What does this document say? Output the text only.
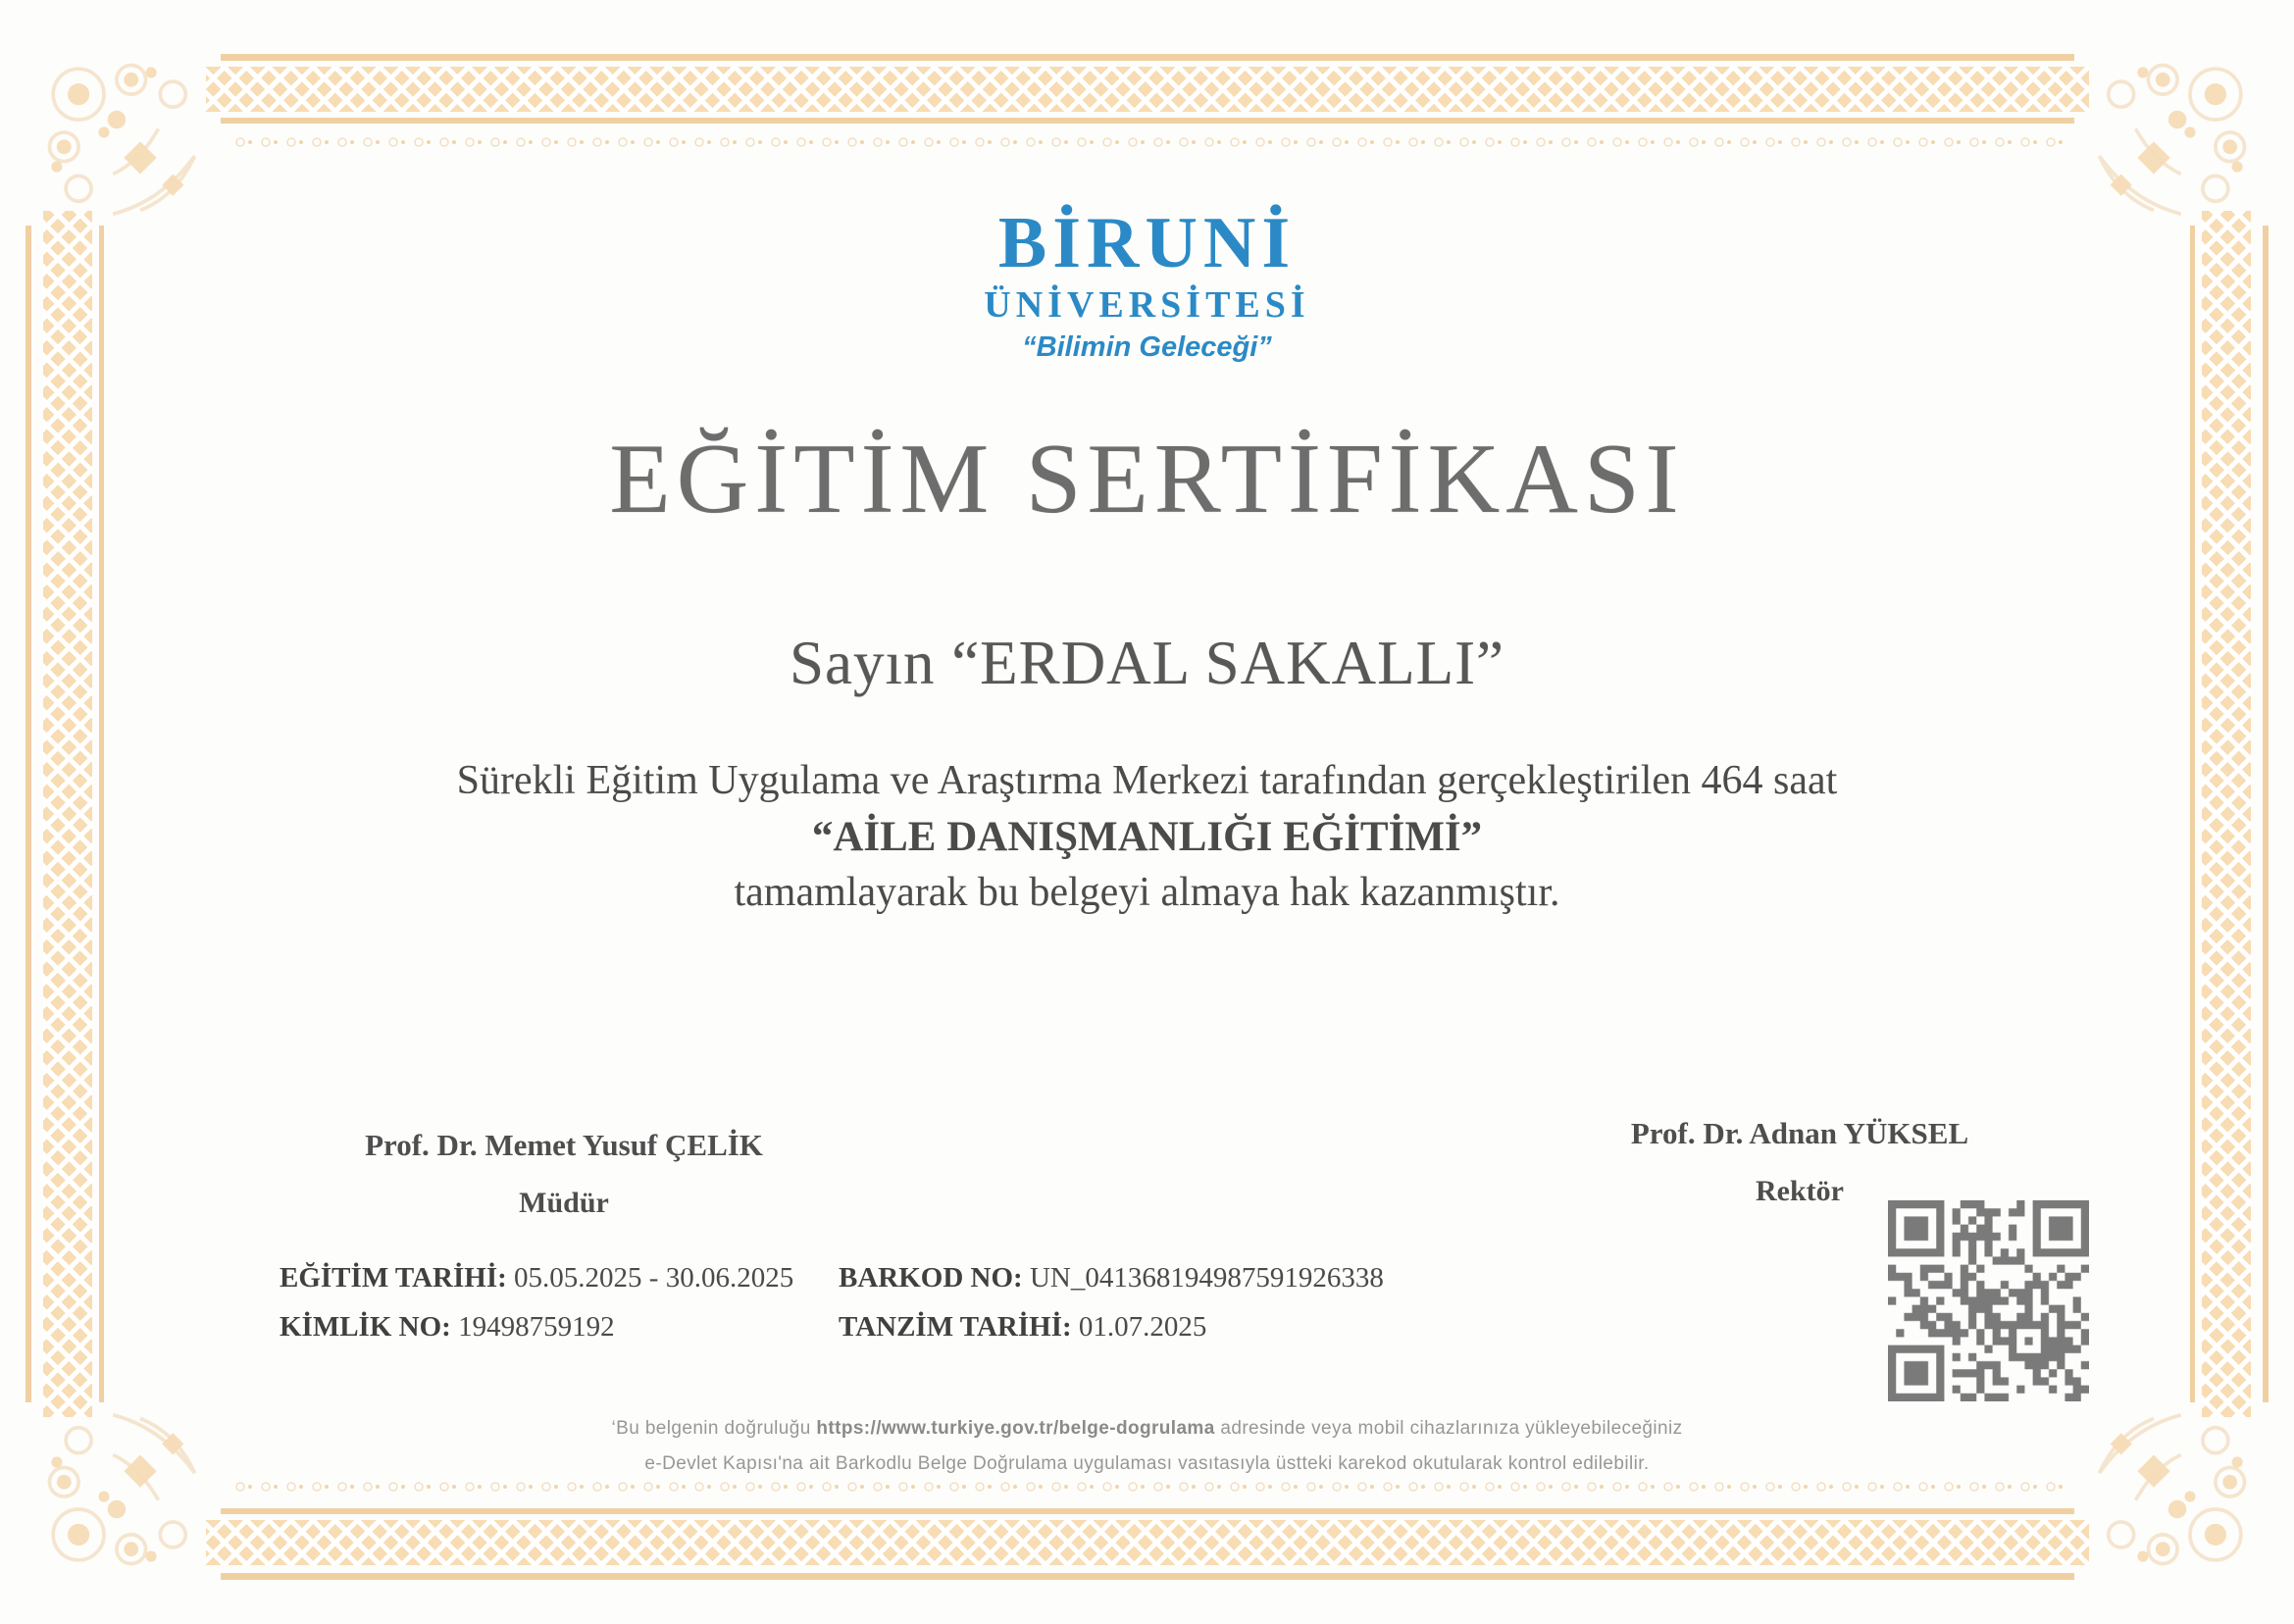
BİRUNİ
ÜNİVERSİTESİ
“Bilimin Geleceği”
EĞİTİM SERTİFİKASI
Sayın “ERDAL SAKALLI”
Sürekli Eğitim Uygulama ve Araştırma Merkezi tarafından gerçekleştirilen 464 saat
“AİLE DANIŞMANLIĞI EĞİTİMİ”
tamamlayarak bu belgeyi almaya hak kazanmıştır.
Prof. Dr. Memet Yusuf ÇELİK
Müdür
Prof. Dr. Adnan YÜKSEL
Rektör
EĞİTİM TARİHİ: 05.05.2025 - 30.06.2025
KİMLİK NO: 19498759192
BARKOD NO: UN_041368194987591926338
TANZİM TARİHİ: 01.07.2025
‘Bu belgenin doğruluğu https://www.turkiye.gov.tr/belge-dogrulama adresinde veya mobil cihazlarınıza yükleyebileceğiniz
e-Devlet Kapısı'na ait Barkodlu Belge Doğrulama uygulaması vasıtasıyla üstteki karekod okutularak kontrol edilebilir.
